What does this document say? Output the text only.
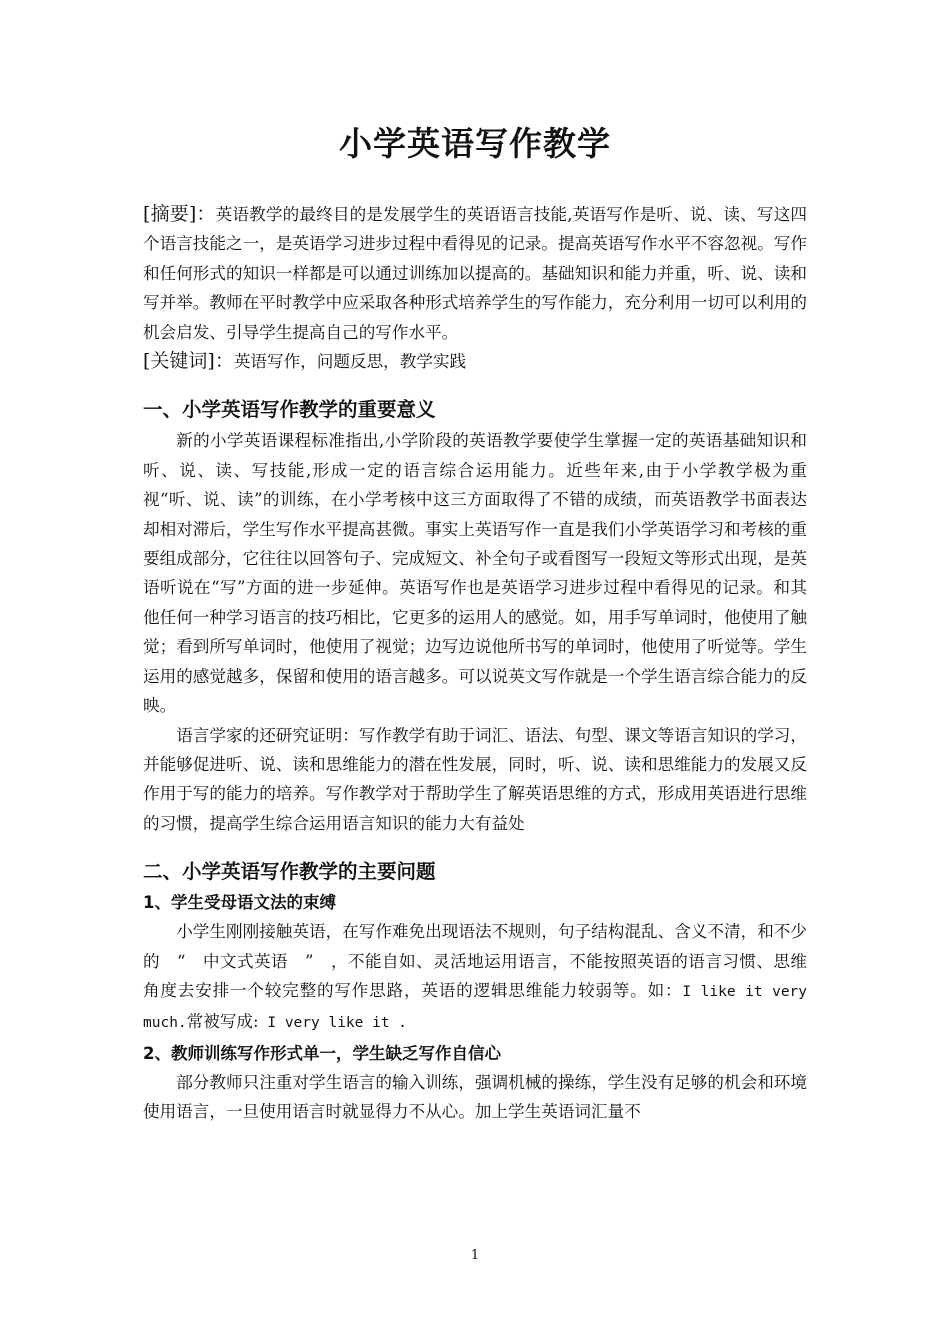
小学英语写作教学

[摘要]：英语教学的最终目的是发展学生的英语语言技能,英语写作是听、说、读、写这四个语言技能之一，是英语学习进步过程中看得见的记录。提高英语写作水平不容忽视。写作和任何形式的知识一样都是可以通过训练加以提高的。基础知识和能力并重，听、说、读和写并举。教师在平时教学中应采取各种形式培养学生的写作能力，充分利用一切可以利用的机会启发、引导学生提高自己的写作水平。

[关键词]：英语写作，问题反思，教学实践

一、小学英语写作教学的重要意义

新的小学英语课程标准指出,小学阶段的英语教学要使学生掌握一定的英语基础知识和听、说、读、写技能,形成一定的语言综合运用能力。近些年来,由于小学教学极为重视“听、说、读”的训练，在小学考核中这三方面取得了不错的成绩，而英语教学书面表达却相对滞后，学生写作水平提高甚微。事实上英语写作一直是我们小学英语学习和考核的重要组成部分，它往往以回答句子、完成短文、补全句子或看图写一段短文等形式出现，是英语听说在“写”方面的进一步延伸。英语写作也是英语学习进步过程中看得见的记录。和其他任何一种学习语言的技巧相比，它更多的运用人的感觉。如，用手写单词时，他使用了触觉；看到所写单词时，他使用了视觉；边写边说他所书写的单词时，他使用了听觉等。学生运用的感觉越多，保留和使用的语言越多。可以说英文写作就是一个学生语言综合能力的反映。

语言学家的还研究证明：写作教学有助于词汇、语法、句型、课文等语言知识的学习，并能够促进听、说、读和思维能力的潜在性发展，同时，听、说、读和思维能力的发展又反作用于写的能力的培养。写作教学对于帮助学生了解英语思维的方式，形成用英语进行思维的习惯，提高学生综合运用语言知识的能力大有益处

二、小学英语写作教学的主要问题

1、学生受母语文法的束缚

小学生刚刚接触英语，在写作难免出现语法不规则，句子结构混乱、含义不清，和不少的　“　中文式英语　”　，不能自如、灵活地运用语言，不能按照英语的语言习惯、思维角度去安排一个较完整的写作思路，英语的逻辑思维能力较弱等。如：I like it very much.常被写成: I very like it .

2、教师训练写作形式单一，学生缺乏写作自信心

部分教师只注重对学生语言的输入训练，强调机械的操练，学生没有足够的机会和环境使用语言，一旦使用语言时就显得力不从心。加上学生英语词汇量不

1
